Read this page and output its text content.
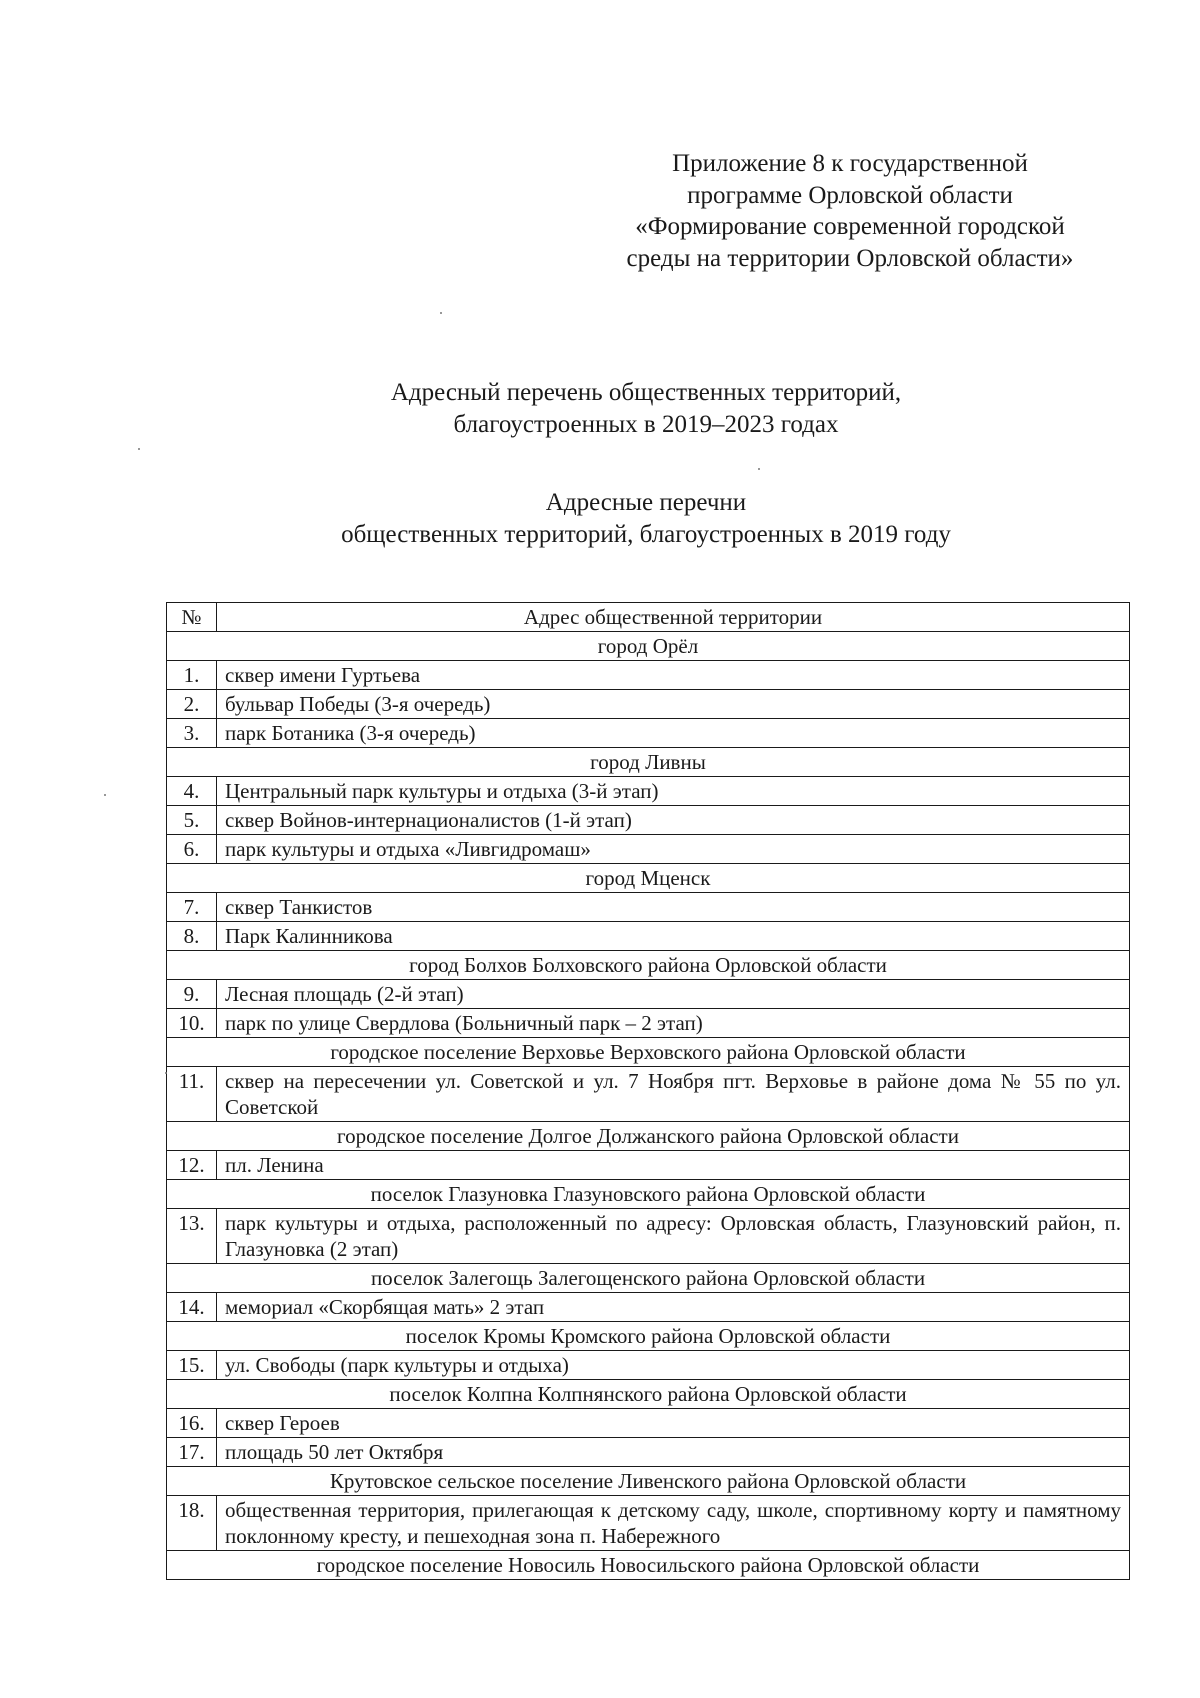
Приложение 8 к государственной
программе Орловской области
«Формирование современной городской
среды на территории Орловской области»
Адресный перечень общественных территорий,
благоустроенных в 2019–2023 годах
Адресные перечни
общественных территорий, благоустроенных в 2019 году
№	Адрес общественной территории
город Орёл	
1.	сквер имени Гуртьева
2.	бульвар Победы (3-я очередь)
3.	парк Ботаника (3-я очередь)
город Ливны	
4.	Центральный парк культуры и отдыха (3-й этап)
5.	сквер Войнов-интернационалистов (1-й этап)
6.	парк культуры и отдыха «Ливгидромаш»
город Мценск	
7.	сквер Танкистов
8.	Парк Калинникова
город Болхов Болховского района Орловской области	
9.	Лесная площадь (2-й этап)
10.	парк по улице Свердлова (Больничный парк – 2 этап)
городское поселение Верховье Верховского района Орловской области	
11.	сквер на пересечении ул. Советской и ул. 7 Ноября пгт. Верховье в районе дома № 55 по ул. Советской
городское поселение Долгое Должанского района Орловской области	
12.	пл. Ленина
поселок Глазуновка Глазуновского района Орловской области	
13.	парк культуры и отдыха, расположенный по адресу: Орловская область, Глазуновский район, п. Глазуновка (2 этап)
поселок Залегощь Залегощенского района Орловской области	
14.	мемориал «Скорбящая мать» 2 этап
поселок Кромы Кромского района Орловской области	
15.	ул. Свободы (парк культуры и отдыха)
поселок Колпна Колпнянского района Орловской области	
16.	сквер Героев
17.	площадь 50 лет Октября
Крутовское сельское поселение Ливенского района Орловской области	
18.	общественная территория, прилегающая к детскому саду, школе, спортивному корту и памятному поклонному кресту, и пешеходная зона п. Набережного
городское поселение Новосиль Новосильского района Орловской области	
